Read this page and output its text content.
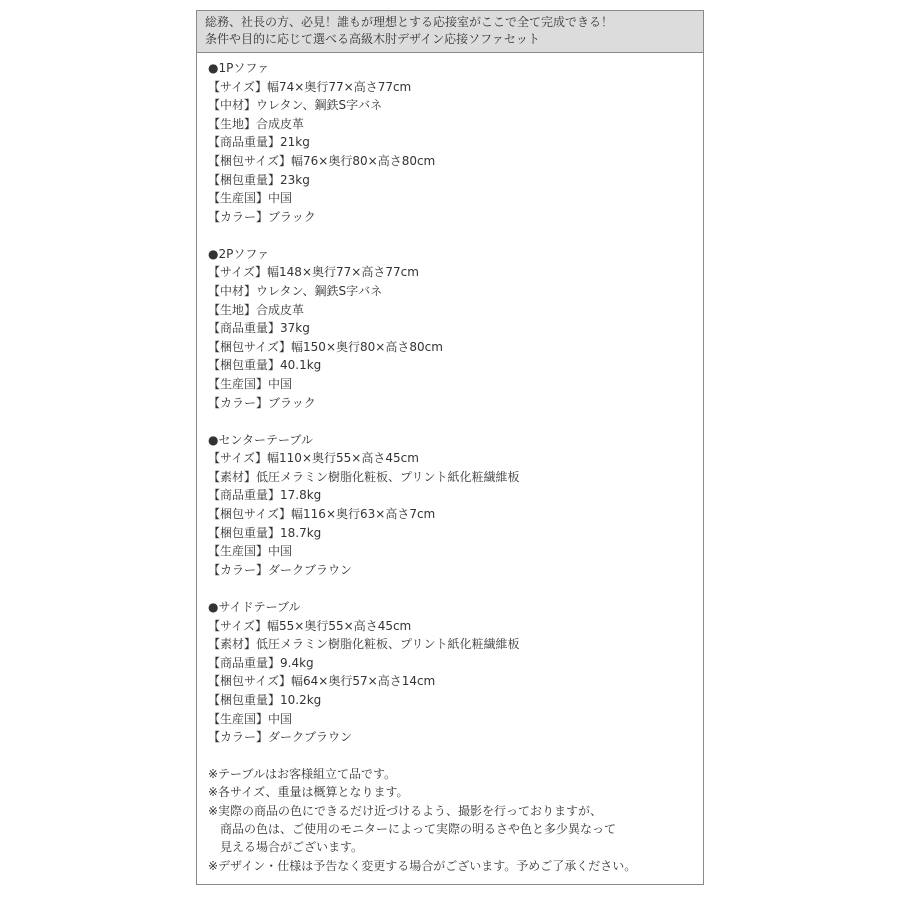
総務、社長の方、必見！誰もが理想とする応接室がここで全て完成できる！
条件や目的に応じて選べる高級木肘デザイン応接ソファセット
●1Pソファ
【サイズ】幅74×奥行77×高さ77cm
【中材】ウレタン、鋼鉄S字バネ
【生地】合成皮革
【商品重量】21kg
【梱包サイズ】幅76×奥行80×高さ80cm
【梱包重量】23kg
【生産国】中国
【カラー】ブラック
●2Pソファ
【サイズ】幅148×奥行77×高さ77cm
【中材】ウレタン、鋼鉄S字バネ
【生地】合成皮革
【商品重量】37kg
【梱包サイズ】幅150×奥行80×高さ80cm
【梱包重量】40.1kg
【生産国】中国
【カラー】ブラック
●センターテーブル
【サイズ】幅110×奥行55×高さ45cm
【素材】低圧メラミン樹脂化粧板、プリント紙化粧繊維板
【商品重量】17.8kg
【梱包サイズ】幅116×奥行63×高さ7cm
【梱包重量】18.7kg
【生産国】中国
【カラー】ダークブラウン
●サイドテーブル
【サイズ】幅55×奥行55×高さ45cm
【素材】低圧メラミン樹脂化粧板、プリント紙化粧繊維板
【商品重量】9.4kg
【梱包サイズ】幅64×奥行57×高さ14cm
【梱包重量】10.2kg
【生産国】中国
【カラー】ダークブラウン
※テーブルはお客様組立て品です。
※各サイズ、重量は概算となります。
※実際の商品の色にできるだけ近づけるよう、撮影を行っておりますが、
商品の色は、ご使用のモニターによって実際の明るさや色と多少異なって
見える場合がございます。
※デザイン・仕様は予告なく変更する場合がございます。予めご了承ください。
